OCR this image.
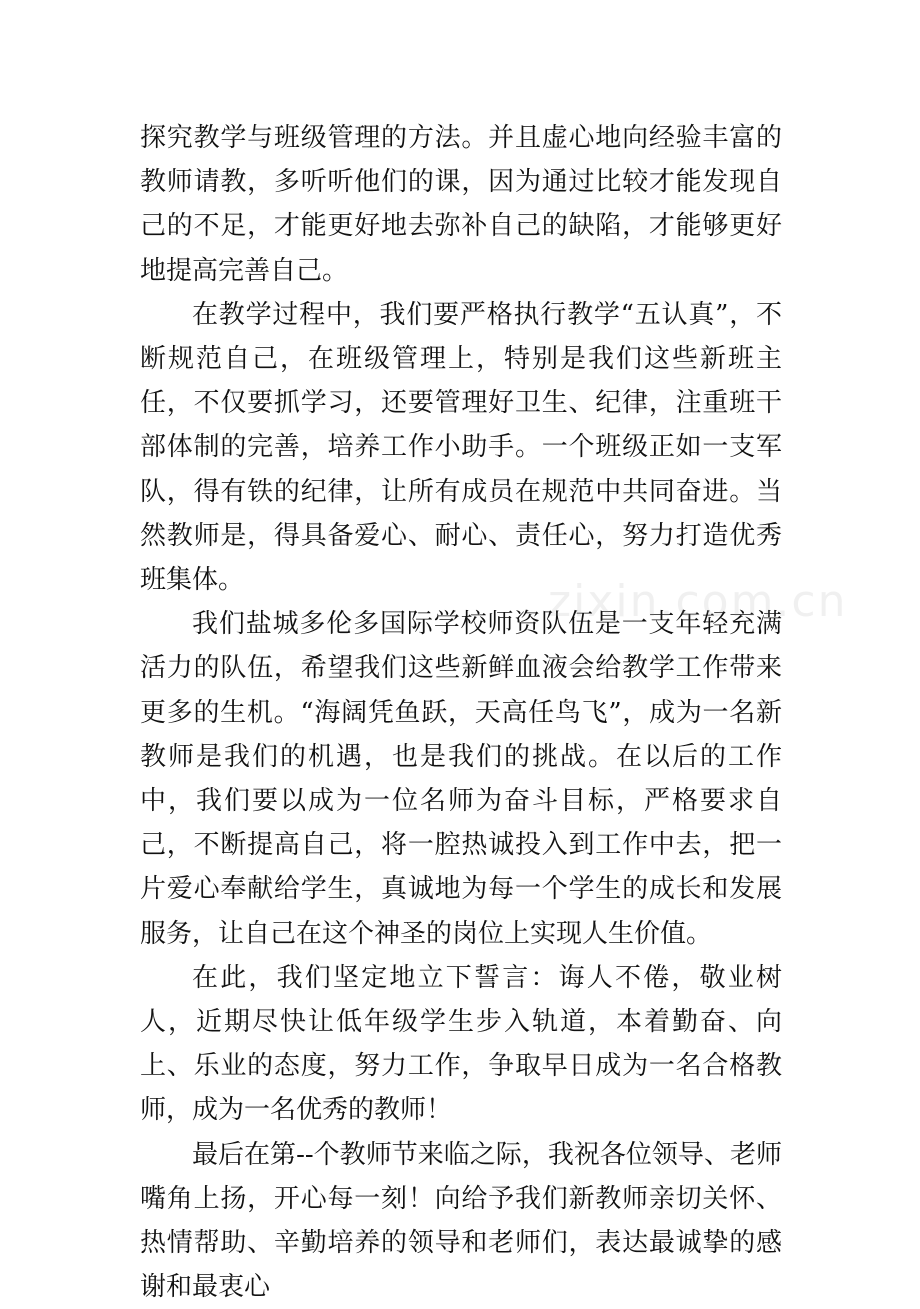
探究教学与班级管理的方法。并且虚心地向经验丰富的教师请教，多听听他们的课，因为通过比较才能发现自己的不足，才能更好地去弥补自己的缺陷，才能够更好地提高完善自己。

在教学过程中，我们要严格执行教学“五认真”，不断规范自己，在班级管理上，特别是我们这些新班主任，不仅要抓学习，还要管理好卫生、纪律，注重班干部体制的完善，培养工作小助手。一个班级正如一支军队，得有铁的纪律，让所有成员在规范中共同奋进。当然教师是，得具备爱心、耐心、责任心，努力打造优秀班集体。

我们盐城多伦多国际学校师资队伍是一支年轻充满活力的队伍，希望我们这些新鲜血液会给教学工作带来更多的生机。“海阔凭鱼跃，天高任鸟飞”，成为一名新教师是我们的机遇，也是我们的挑战。在以后的工作中，我们要以成为一位名师为奋斗目标，严格要求自己，不断提高自己，将一腔热诚投入到工作中去，把一片爱心奉献给学生，真诚地为每一个学生的成长和发展服务，让自己在这个神圣的岗位上实现人生价值。

在此，我们坚定地立下誓言：诲人不倦，敬业树人，近期尽快让低年级学生步入轨道，本着勤奋、向上、乐业的态度，努力工作，争取早日成为一名合格教师，成为一名优秀的教师！

最后在第--个教师节来临之际，我祝各位领导、老师嘴角上扬，开心每一刻！向给予我们新教师亲切关怀、热情帮助、辛勤培养的领导和老师们，表达最诚挚的感谢和最衷心

zixin.com.cn
